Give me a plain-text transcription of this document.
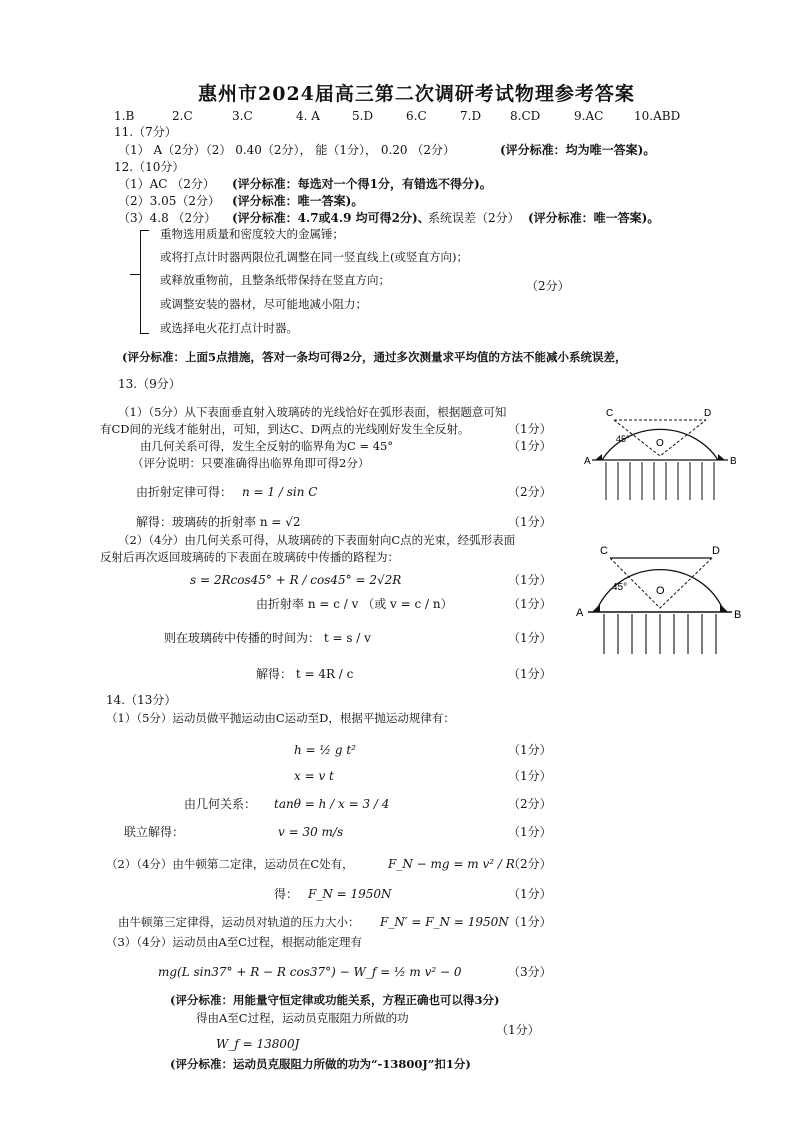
惠州市2024届高三第二次调研考试物理参考答案
1.B	2.C	3.C	4. A	5.D	6.C	7.D 8.CD	9.AC	10.ABD
11.（7分）
（1） A（2分）（2） 0.40（2分）， 能（1分）， 0.20 （2分）	(评分标准：均为唯一答案)。
12.（10分）
（1）AC （2分） (评分标准：每选对一个得1分，有错选不得分)。
（2）3.05（2分） (评分标准：唯一答案)。
（3）4.8 （2分） (评分标准：4.7或4.9 均可得2分)、
系统误差（2分） (评分标准：唯一答案)。
重物选用质量和密度较大的金属锤；
或将打点计时器两限位孔调整在同一竖直线上(或竖直方向)；
或释放重物前，且整条纸带保持在竖直方向；
或调整安装的器材，尽可能地减小阻力；
或选择电火花打点计时器。
（2分）
(评分标准：上面5点措施，答对一条均可得2分，通过多次测量求平均值的方法不能减小系统误差，
13.（9分）
（1）（5分）从下表面垂直射入玻璃砖的光线恰好在弧形表面，根据题意可知
有CD间的光线才能射出，可知，到达C、D两点的光线刚好发生全反射。	（1分）
由几何关系可得，发生全反射的临界角为C = 45°	（1分）
（评分说明：只要准确得出临界角即可得2分）
由折射定律可得： n = 1 / sin C	（2分）
解得：玻璃砖的折射率 n = √2	（1分）
（2）（4分）由几何关系可得，从玻璃砖的下表面射向C点的光束，经弧形表面
反射后再次返回玻璃砖的下表面在玻璃砖中传播的路程为：
s = 2Rcos45° + R / cos45° = 2√2R	（1分）
由折射率 n = c / v （或 v = c / n）	（1分）
则在玻璃砖中传播的时间为： t = s / v	（1分）
解得： t = 4R / c	（1分）
C	D
A	B
O
45°
C	D
A	B
O
45°
14.（13分）
（1）（5分）运动员做平抛运动由C运动至D，根据平抛运动规律有：
h = ½ g t²	（1分）
x = v t	（1分）
由几何关系： tanθ = h / x = 3 / 4	（2分）
联立解得：	v = 30 m/s	（1分）
（2）（4分）由牛顿第二定律，运动员在C处有，	F_N − mg = m v² / R
（2分）
得： F_N = 1950N	（1分）
由牛顿第三定律得，运动员对轨道的压力大小： F_N′ = F_N = 1950N （1分）
（3）（4分）运动员由A至C过程，根据动能定理有
mg(L sin37° + R − R cos37°) − W_f = ½ m v² − 0	（3分）
(评分标准：用能量守恒定律或功能关系，方程正确也可以得3分)
得由A至C过程，运动员克服阻力所做的功
（1分）
W_f = 13800J
(评分标准：运动员克服阻力所做的功为“-13800J”扣1分)
